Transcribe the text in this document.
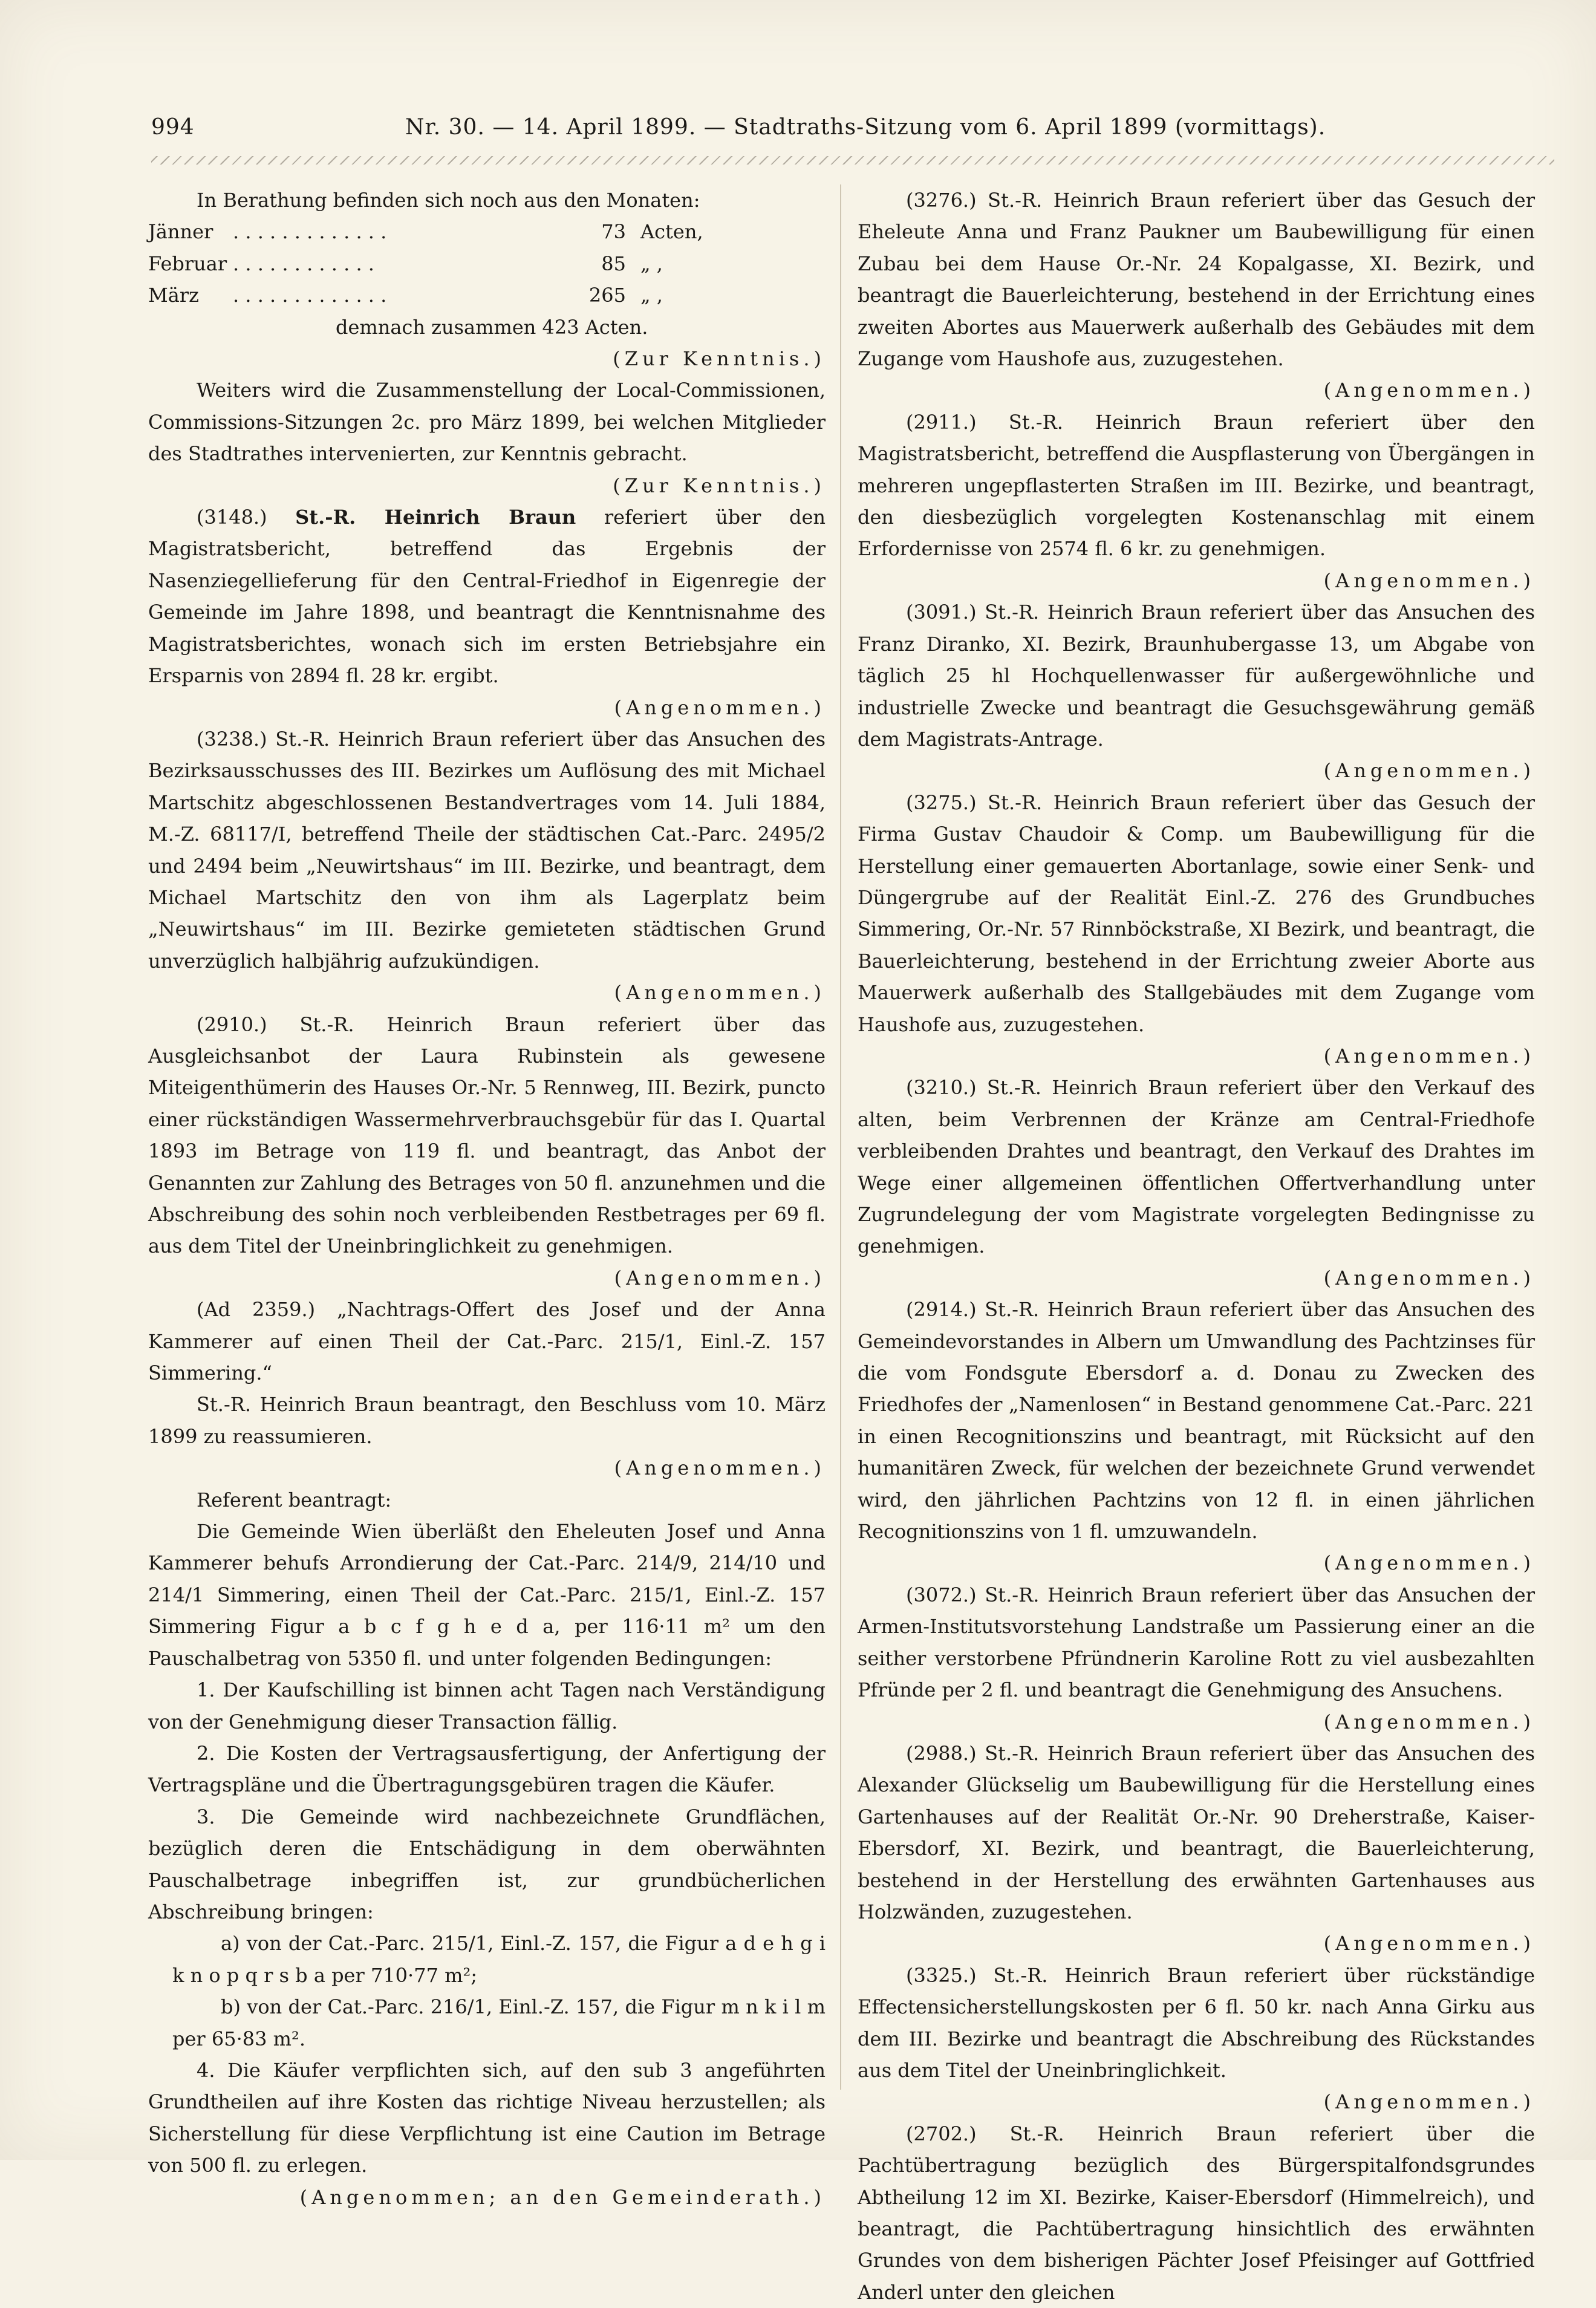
994	Nr. 30. — 14. April 1899. — Stadtraths-Sitzung vom 6. April 1899 (vormittags).

In Berathung befinden sich noch aus den Monaten:

Jänner	. . . . . . . . . . . . .	73 Acten,
Februar . . . . . . . . . . . .	85 „ ,
März	. . . . . . . . . . . . .	265 „ ,
demnach zusammen 423 Acten.
(Zur Kenntnis.)

Weiters wird die Zusammenstellung der Local-Commissionen, Commissions-Sitzungen 2c. pro März 1899, bei welchen Mitglieder des Stadtrathes intervenierten, zur Kenntnis gebracht.

(Zur Kenntnis.)

(3148.) St.-R. Heinrich Braun referiert über den Magistratsbericht, betreffend das Ergebnis der Nasenziegellieferung für den Central-Friedhof in Eigenregie der Gemeinde im Jahre 1898, und beantragt die Kenntnisnahme des Magistratsberichtes, wonach sich im ersten Betriebsjahre ein Ersparnis von 2894 fl. 28 kr. ergibt.

(Angenommen.)

(3238.) St.-R. Heinrich Braun referiert über das Ansuchen des Bezirksausschusses des III. Bezirkes um Auflösung des mit Michael Martschitz abgeschlossenen Bestandvertrages vom 14. Juli 1884, M.-Z. 68117/I, betreffend Theile der städtischen Cat.-Parc. 2495/2 und 2494 beim „Neuwirtshaus“ im III. Bezirke, und beantragt, dem Michael Martschitz den von ihm als Lagerplatz beim „Neuwirtshaus“ im III. Bezirke gemieteten städtischen Grund unverzüglich halbjährig aufzukündigen.

(Angenommen.)

(2910.) St.-R. Heinrich Braun referiert über das Ausgleichsanbot der Laura Rubinstein als gewesene Miteigenthümerin des Hauses Or.-Nr. 5 Rennweg, III. Bezirk, puncto einer rückständigen Wassermehrverbrauchsgebür für das I. Quartal 1893 im Betrage von 119 fl. und beantragt, das Anbot der Genannten zur Zahlung des Betrages von 50 fl. anzunehmen und die Abschreibung des sohin noch verbleibenden Restbetrages per 69 fl. aus dem Titel der Uneinbringlichkeit zu genehmigen.

(Angenommen.)

(Ad 2359.) „Nachtrags-Offert des Josef und der Anna Kammerer auf einen Theil der Cat.-Parc. 215/1, Einl.-Z. 157 Simmering.“

St.-R. Heinrich Braun beantragt, den Beschluss vom 10. März 1899 zu reassumieren.

(Angenommen.)

Referent beantragt:

Die Gemeinde Wien überläßt den Eheleuten Josef und Anna Kammerer behufs Arrondierung der Cat.-Parc. 214/9, 214/10 und 214/1 Simmering, einen Theil der Cat.-Parc. 215/1, Einl.-Z. 157 Simmering Figur a b c f g h e d a, per 116·11 m² um den Pauschalbetrag von 5350 fl. und unter folgenden Bedingungen:

1. Der Kaufschilling ist binnen acht Tagen nach Verständigung von der Genehmigung dieser Transaction fällig.

2. Die Kosten der Vertragsausfertigung, der Anfertigung der Vertragspläne und die Übertragungsgebüren tragen die Käufer.

3. Die Gemeinde wird nachbezeichnete Grundflächen, bezüglich deren die Entschädigung in dem oberwähnten Pauschalbetrage inbegriffen ist, zur grundbücherlichen Abschreibung bringen:

a) von der Cat.-Parc. 215/1, Einl.-Z. 157, die Figur a d e h g i k n o p q r s b a per 710·77 m²;

b) von der Cat.-Parc. 216/1, Einl.-Z. 157, die Figur m n k i l m per 65·83 m².

4. Die Käufer verpflichten sich, auf den sub 3 angeführten Grundtheilen auf ihre Kosten das richtige Niveau herzustellen; als Sicherstellung für diese Verpflichtung ist eine Caution im Betrage von 500 fl. zu erlegen.

(Angenommen; an den Gemeinderath.)

(3276.) St.-R. Heinrich Braun referiert über das Gesuch der Eheleute Anna und Franz Paukner um Baubewilligung für einen Zubau bei dem Hause Or.-Nr. 24 Kopalgasse, XI. Bezirk, und beantragt die Bauerleichterung, bestehend in der Errichtung eines zweiten Abortes aus Mauerwerk außerhalb des Gebäudes mit dem Zugange vom Haushofe aus, zuzugestehen.

(Angenommen.)

(2911.) St.-R. Heinrich Braun referiert über den Magistratsbericht, betreffend die Auspflasterung von Übergängen in mehreren ungepflasterten Straßen im III. Bezirke, und beantragt, den diesbezüglich vorgelegten Kostenanschlag mit einem Erfordernisse von 2574 fl. 6 kr. zu genehmigen.

(Angenommen.)

(3091.) St.-R. Heinrich Braun referiert über das Ansuchen des Franz Diranko, XI. Bezirk, Braunhubergasse 13, um Abgabe von täglich 25 hl Hochquellenwasser für außergewöhnliche und industrielle Zwecke und beantragt die Gesuchsgewährung gemäß dem Magistrats-Antrage.

(Angenommen.)

(3275.) St.-R. Heinrich Braun referiert über das Gesuch der Firma Gustav Chaudoir & Comp. um Baubewilligung für die Herstellung einer gemauerten Abortanlage, sowie einer Senk- und Düngergrube auf der Realität Einl.-Z. 276 des Grundbuches Simmering, Or.-Nr. 57 Rinnböckstraße, XI Bezirk, und beantragt, die Bauerleichterung, bestehend in der Errichtung zweier Aborte aus Mauerwerk außerhalb des Stallgebäudes mit dem Zugange vom Haushofe aus, zuzugestehen.

(Angenommen.)

(3210.) St.-R. Heinrich Braun referiert über den Verkauf des alten, beim Verbrennen der Kränze am Central-Friedhofe verbleibenden Drahtes und beantragt, den Verkauf des Drahtes im Wege einer allgemeinen öffentlichen Offertverhandlung unter Zugrundelegung der vom Magistrate vorgelegten Bedingnisse zu genehmigen.

(Angenommen.)

(2914.) St.-R. Heinrich Braun referiert über das Ansuchen des Gemeindevorstandes in Albern um Umwandlung des Pachtzinses für die vom Fondsgute Ebersdorf a. d. Donau zu Zwecken des Friedhofes der „Namenlosen“ in Bestand genommene Cat.-Parc. 221 in einen Recognitionszins und beantragt, mit Rücksicht auf den humanitären Zweck, für welchen der bezeichnete Grund verwendet wird, den jährlichen Pachtzins von 12 fl. in einen jährlichen Recognitionszins von 1 fl. umzuwandeln.

(Angenommen.)

(3072.) St.-R. Heinrich Braun referiert über das Ansuchen der Armen-Institutsvorstehung Landstraße um Passierung einer an die seither verstorbene Pfründnerin Karoline Rott zu viel ausbezahlten Pfründe per 2 fl. und beantragt die Genehmigung des Ansuchens.

(Angenommen.)

(2988.) St.-R. Heinrich Braun referiert über das Ansuchen des Alexander Glückselig um Baubewilligung für die Herstellung eines Gartenhauses auf der Realität Or.-Nr. 90 Dreherstraße, Kaiser-Ebersdorf, XI. Bezirk, und beantragt, die Bauerleichterung, bestehend in der Herstellung des erwähnten Gartenhauses aus Holzwänden, zuzugestehen.

(Angenommen.)

(3325.) St.-R. Heinrich Braun referiert über rückständige Effectensicherstellungskosten per 6 fl. 50 kr. nach Anna Girku aus dem III. Bezirke und beantragt die Abschreibung des Rückstandes aus dem Titel der Uneinbringlichkeit.

(Angenommen.)

(2702.) St.-R. Heinrich Braun referiert über die Pachtübertragung bezüglich des Bürgerspitalfondsgrundes Abtheilung 12 im XI. Bezirke, Kaiser-Ebersdorf (Himmelreich), und beantragt, die Pachtübertragung hinsichtlich des erwähnten Grundes von dem bisherigen Pächter Josef Pfeisinger auf Gottfried Anderl unter den gleichen
